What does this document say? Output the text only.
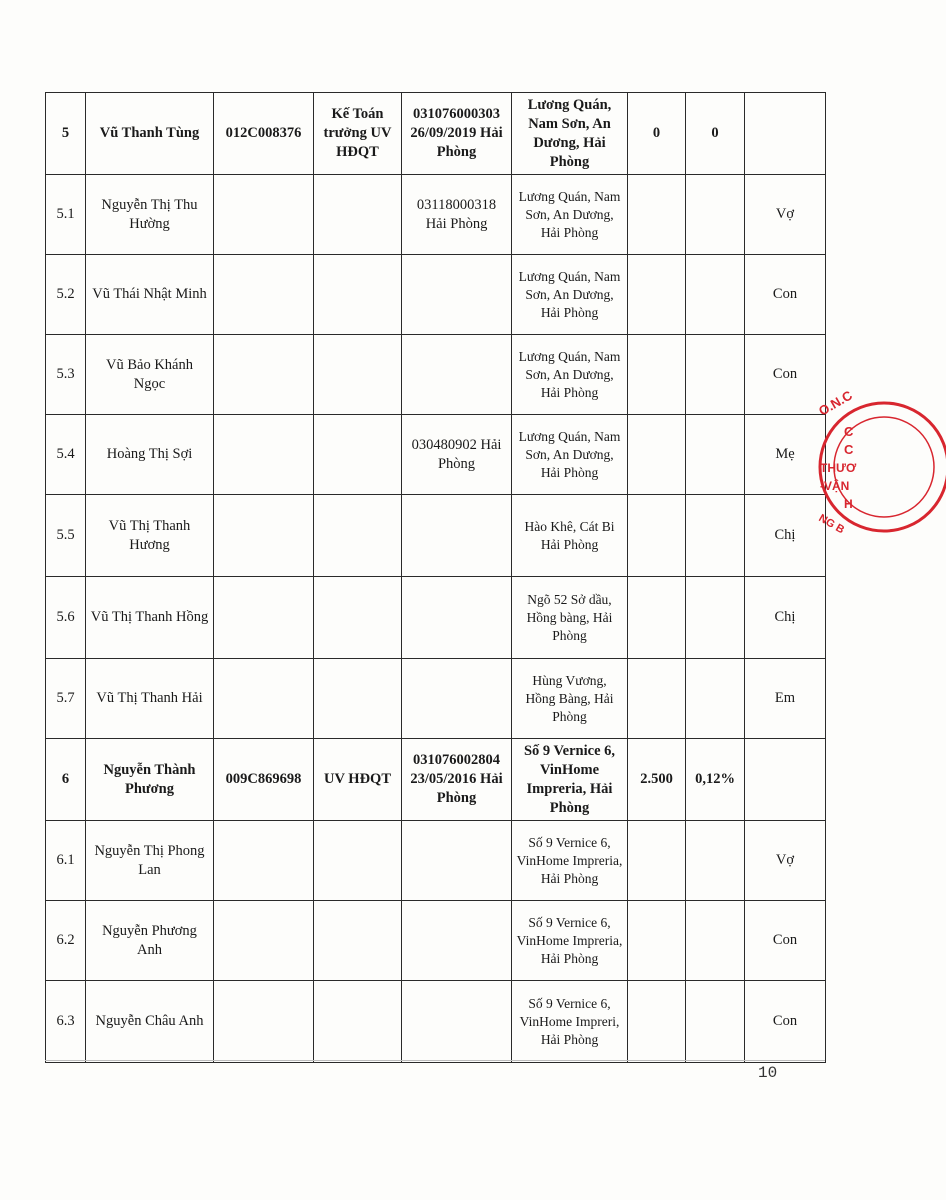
5	Vũ Thanh Tùng	012C008376	Kế Toán trưởng UV HĐQT	031076000303 26/09/2019 Hải Phòng	Lương Quán, Nam Sơn, An Dương, Hải Phòng	0	0	
5.1	Nguyễn Thị Thu Hường			03118000318 Hải Phòng	Lương Quán, Nam Sơn, An Dương, Hải Phòng			Vợ
5.2	Vũ Thái Nhật Minh				Lương Quán, Nam Sơn, An Dương, Hải Phòng			Con
5.3	Vũ Bảo Khánh Ngọc				Lương Quán, Nam Sơn, An Dương, Hải Phòng			Con
5.4	Hoàng Thị Sợi			030480902 Hải Phòng	Lương Quán, Nam Sơn, An Dương, Hải Phòng			Mẹ
5.5	Vũ Thị Thanh Hương				Hào Khê, Cát Bi Hải Phòng			Chị
5.6	Vũ Thị Thanh Hồng				Ngõ 52 Sở dầu, Hồng bàng, Hải Phòng			Chị
5.7	Vũ Thị Thanh Hải				Hùng Vương, Hồng Bàng, Hải Phòng			Em
6	Nguyễn Thành Phương	009C869698	UV HĐQT	031076002804 23/05/2016 Hải Phòng	Số 9 Vernice 6, VinHome Impreria, Hải Phòng	2.500	0,12%	
6.1	Nguyễn Thị Phong Lan				Số 9 Vernice 6, VinHome Impreria, Hải Phòng			Vợ
6.2	Nguyễn Phương Anh				Số 9 Vernice 6, VinHome Impreria, Hải Phòng			Con
6.3	Nguyễn Châu Anh				Số 9 Vernice 6, VinHome Impreri, Hải Phòng			Con
10
O.N.C
C
C
THƯƠ
-VẬN
H
NG B
